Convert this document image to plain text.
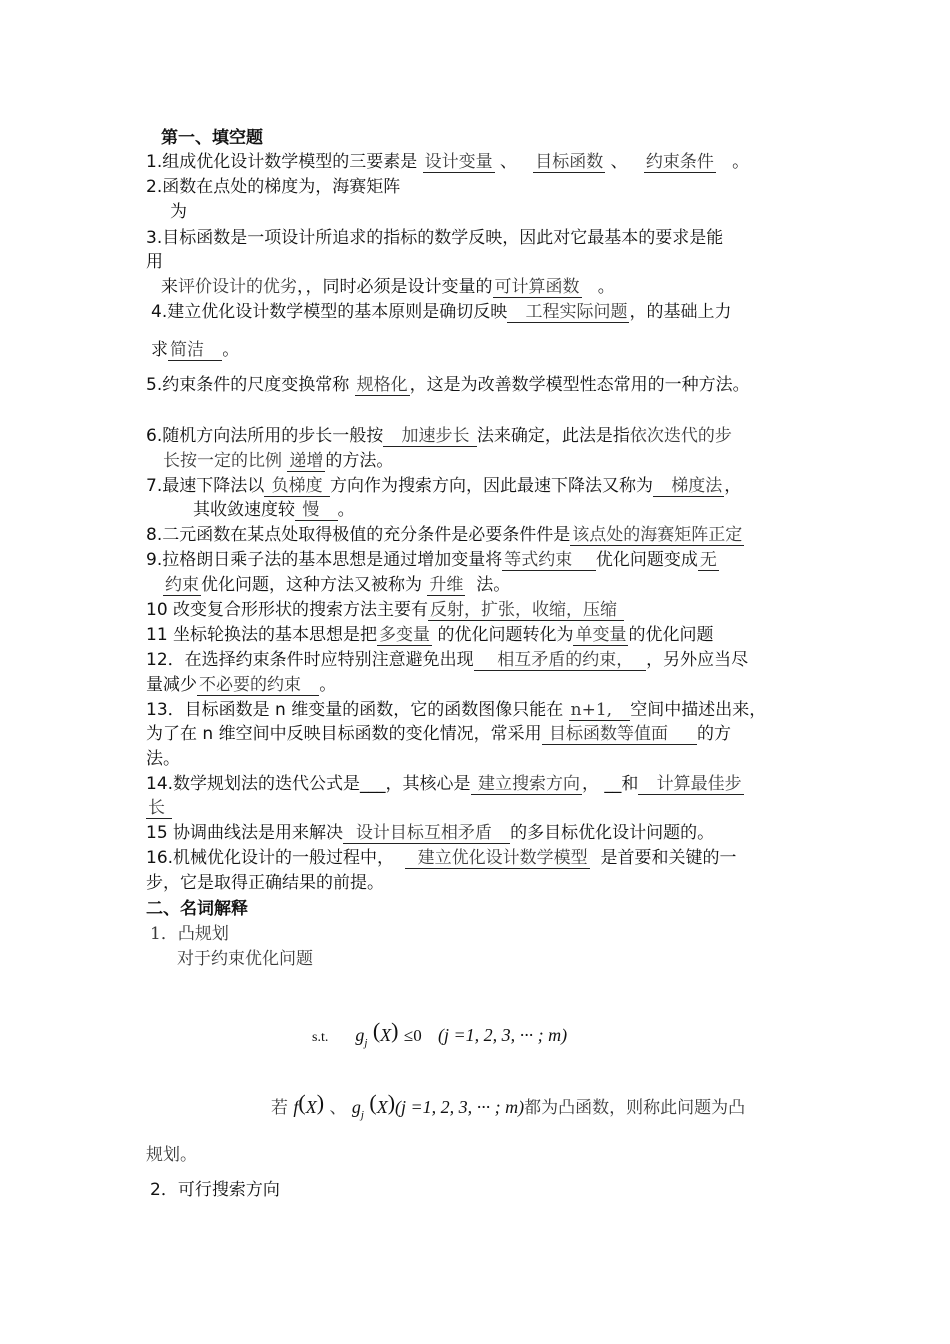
第一、填空题
1.组成优化设计数学模型的三要素是 设计变量 、 目标函数 、 约束条件 。
2.函数在点处的梯度为，海赛矩阵
为
3.目标函数是一项设计所追求的指标的数学反映，因此对它最基本的要求是能
用
来评价设计的优劣，，同时必须是设计变量的 可计算函数 。
4.建立优化设计数学模型的基本原则是确切反映 工程实际问题 ，的基础上力
求 简洁 。
5.约束条件的尺度变换常称 规格化 ，这是为改善数学模型性态常用的一种方法。
6.随机方向法所用的步长一般按 加速步长 法来确定，此法是指依次迭代的步
长按一定的比例 递增 的方法。
7.最速下降法以 负梯度 方向作为搜索方向，因此最速下降法又称为 梯度法 ，
其收敛速度较 慢 。
8.二元函数在某点处取得极值的充分条件是必要条件件是 该点处的海赛矩阵正定
9.拉格朗日乘子法的基本思想是通过增加变量将 等式约束 优化问题变成 无
约束 优化问题，这种方法又被称为 升维 法。
10 改变复合形形状的搜索方法主要有 反射，扩张，收缩，压缩
11 坐标轮换法的基本思想是把 多变量 的优化问题转化为 单变量 的优化问题
12．在选择约束条件时应特别注意避免出现 相互矛盾的约束， ，另外应当尽
量减少 不必要的约束 。
13．目标函数是 n 维变量的函数，它的函数图像只能在 n+1, 空间中描述出来，
为了在 n 维空间中反映目标函数的变化情况，常采用 目标函数等值面 的方
法。
14.数学规划法的迭代公式是___，其核心是 建立搜索方向 ， __和 计算最佳步
长
15 协调曲线法是用来解决 设计目标互相矛盾 的多目标优化设计问题的。
16.机械优化设计的一般过程中， 建立优化设计数学模型 是首要和关键的一
步，它是取得正确结果的前提。
二、名词解释
1．凸规划
对于约束优化问题
s.t. $g_j$ (X) ≤0 (j =1, 2, 3, ··· ; m)
若 f(X) 、 $g_j$ (X)(j =1, 2, 3, ··· ; m)都为凸函数，则称此问题为凸
规划。
2．可行搜索方向
